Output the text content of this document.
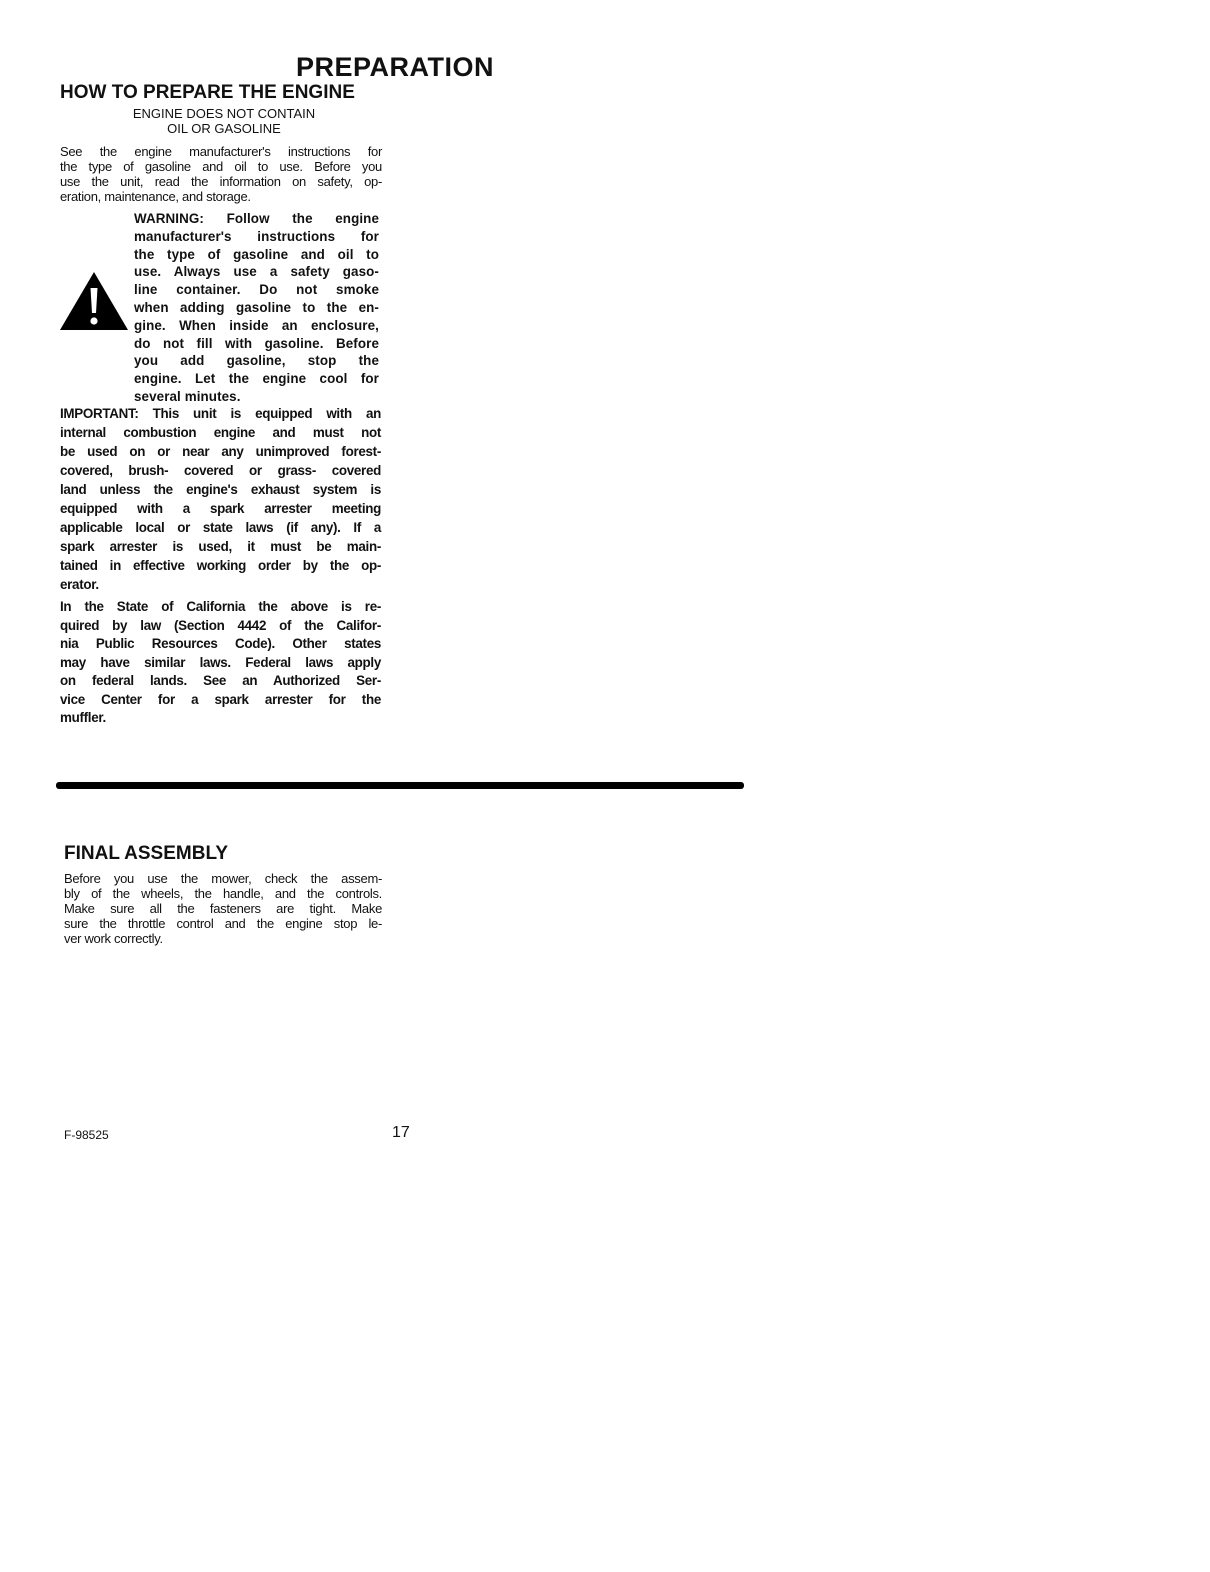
PREPARATION
HOW TO PREPARE THE ENGINE
ENGINE DOES NOT CONTAIN
OIL OR GASOLINE
See the engine manufacturer's instructions for
the type of gasoline and oil to use. Before you
use the unit, read the information on safety, op-
eration, maintenance, and storage.
WARNING: Follow the engine
manufacturer's instructions for
the type of gasoline and oil to
use. Always use a safety gaso-
line container. Do not smoke
when adding gasoline to the en-
gine. When inside an enclosure,
do not fill with gasoline. Before
you add gasoline, stop the
engine. Let the engine cool for
several minutes.
IMPORTANT: This unit is equipped with an
internal combustion engine and must not
be used on or near any unimproved forest-
covered, brush- covered or grass- covered
land unless the engine's exhaust system is
equipped with a spark arrester meeting
applicable local or state laws (if any). If a
spark arrester is used, it must be main-
tained in effective working order by the op-
erator.
In the State of California the above is re-
quired by law (Section 4442 of the Califor-
nia Public Resources Code). Other states
may have similar laws. Federal laws apply
on federal lands. See an Authorized Ser-
vice Center for a spark arrester for the
muffler.
FINAL ASSEMBLY
Before you use the mower, check the assem-
bly of the wheels, the handle, and the controls.
Make sure all the fasteners are tight. Make
sure the throttle control and the engine stop le-
ver work correctly.
F-98525	17
